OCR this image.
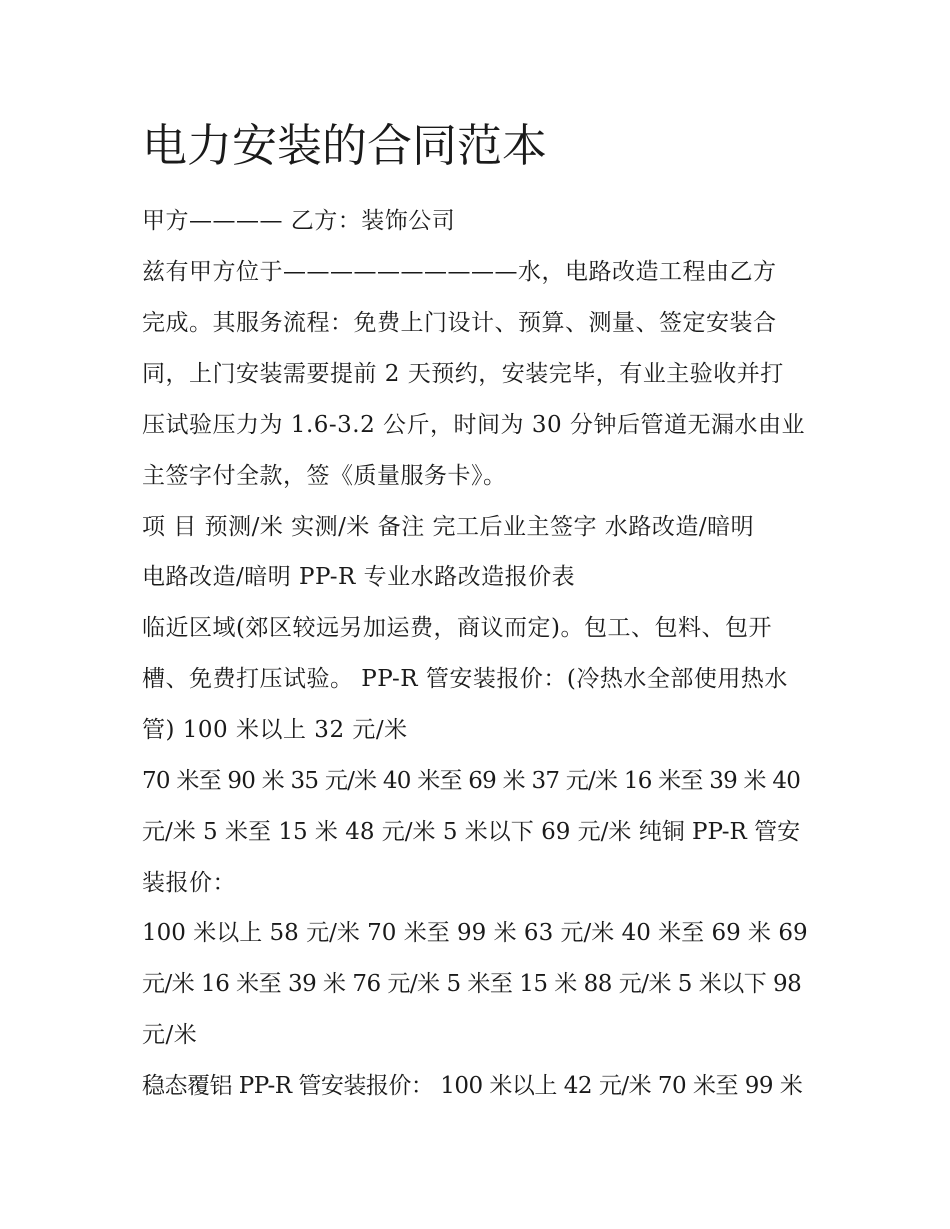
电力安装的合同范本

甲方———— 乙方：装饰公司

兹有甲方位于——————————水，电路改造工程由乙方

完成。其服务流程：免费上门设计、预算、测量、签定安装合

同，上门安装需要提前 2 天预约，安装完毕，有业主验收并打

压试验压力为 1.6-3.2 公斤，时间为 30 分钟后管道无漏水由业

主签字付全款，签《质量服务卡》。

项 目 预测/米 实测/米 备注 完工后业主签字 水路改造/暗明

电路改造/暗明 PP-R 专业水路改造报价表

临近区域(郊区较远另加运费，商议而定)。包工、包料、包开

槽、免费打压试验。 PP-R 管安装报价：(冷热水全部使用热水

管) 100 米以上 32 元/米

70 米至 90 米 35 元/米 40 米至 69 米 37 元/米 16 米至 39 米 40

元/米 5 米至 15 米 48 元/米 5 米以下 69 元/米 纯铜 PP-R 管安

装报价：

100 米以上 58 元/米 70 米至 99 米 63 元/米 40 米至 69 米 69

元/米 16 米至 39 米 76 元/米 5 米至 15 米 88 元/米 5 米以下 98

元/米

稳态覆铝 PP-R 管安装报价： 100 米以上 42 元/米 70 米至 99 米
